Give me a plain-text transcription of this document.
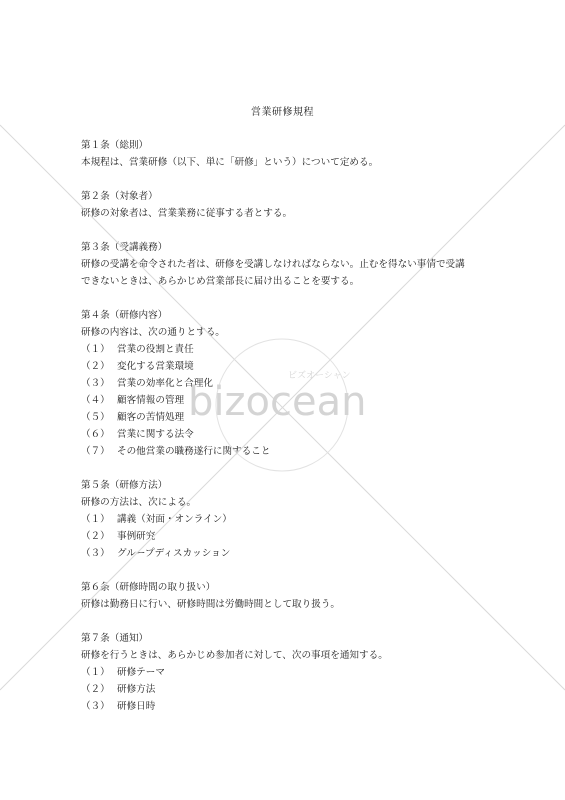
営業研修規程
第１条（総則）
本規程は、営業研修（以下、単に「研修」という）について定める。
第２条（対象者）
研修の対象者は、営業業務に従事する者とする。
第３条（受講義務）
研修の受講を命令された者は、研修を受講しなければならない。止むを得ない事情で受講
できないときは、あらかじめ営業部長に届け出ることを要する。
第４条（研修内容）
研修の内容は、次の通りとする。
（１） 営業の役割と責任
（２） 変化する営業環境
（３） 営業の効率化と合理化
（４） 顧客情報の管理
（５） 顧客の苦情処理
（６） 営業に関する法令
（７） その他営業の職務遂行に関すること
第５条（研修方法）
研修の方法は、次による。
（１） 講義（対面・オンライン）
（２） 事例研究
（３） グループディスカッション
第６条（研修時間の取り扱い）
研修は勤務日に行い、研修時間は労働時間として取り扱う。
第７条（通知）
研修を行うときは、あらかじめ参加者に対して、次の事項を通知する。
（１） 研修テーマ
（２） 研修方法
（３） 研修日時
bizocean
ビズオーシャン
